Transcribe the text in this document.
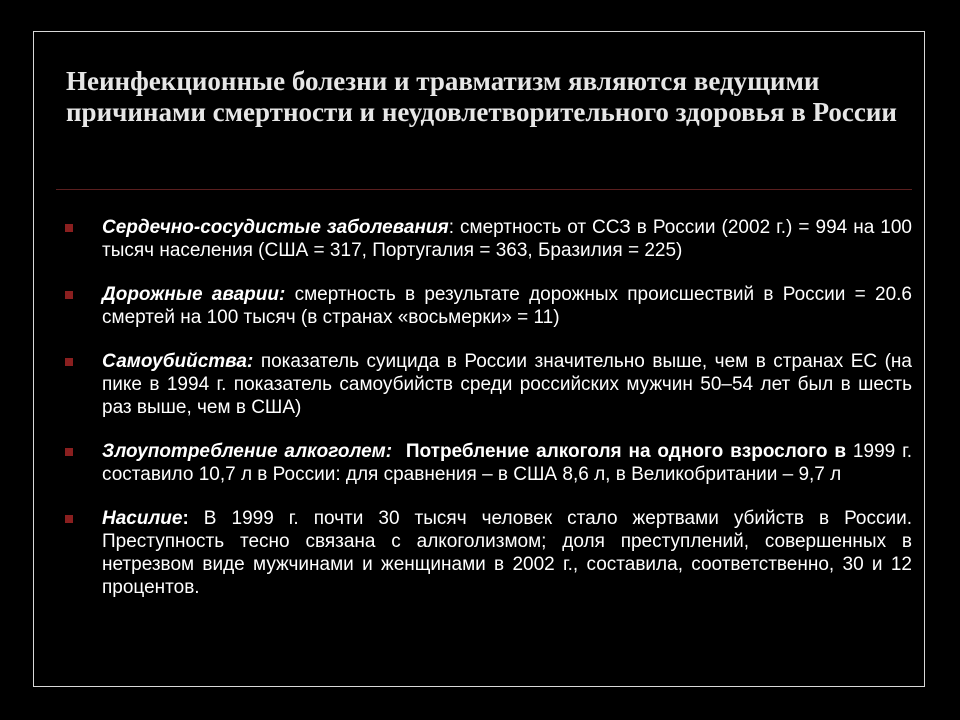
Неинфекционные болезни и травматизм являются ведущими причинами смертности и неудовлетворительного здоровья в России
Сердечно-сосудистые заболевания: смертность от ССЗ в России (2002 г.) = 994 на 100 тысяч населения (США = 317, Португалия = 363, Бразилия = 225)
Дорожные аварии: смертность в результате дорожных происшествий в России = 20.6 смертей на 100 тысяч (в странах «восьмерки» = 11)
Самоубийства: показатель суицида в России значительно выше, чем в странах ЕС (на пике в 1994 г. показатель самоубийств среди российских мужчин 50–54 лет был в шесть раз выше, чем в США)
Злоупотребление алкоголем:  Потребление алкоголя на одного взрослого в 1999 г. составило 10,7 л в России: для сравнения – в США 8,6 л, в Великобритании – 9,7 л
Насилие: В 1999 г. почти 30 тысяч человек стало жертвами убийств в России. Преступность тесно связана с алкоголизмом; доля преступлений, совершенных в нетрезвом виде мужчинами и женщинами в 2002 г., составила, соответственно, 30 и 12 процентов.
